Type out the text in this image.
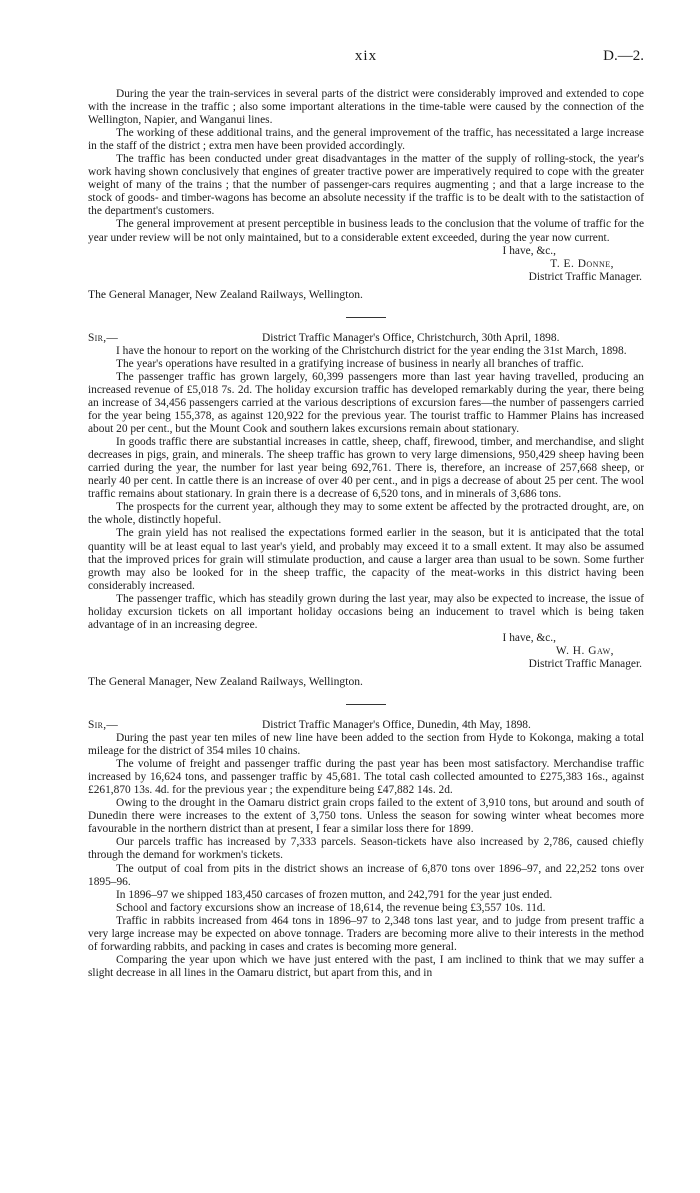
xix	D.—2.

During the year the train-services in several parts of the district were considerably improved and extended to cope with the increase in the traffic ; also some important alterations in the time-table were caused by the connection of the Wellington, Napier, and Wanganui lines.

The working of these additional trains, and the general improvement of the traffic, has necessitated a large increase in the staff of the district ; extra men have been provided accordingly.

The traffic has been conducted under great disadvantages in the matter of the supply of rolling-stock, the year's work having shown conclusively that engines of greater tractive power are imperatively required to cope with the greater weight of many of the trains ; that the number of passenger-cars requires augmenting ; and that a large increase to the stock of goods- and timber-wagons has become an absolute necessity if the traffic is to be dealt with to the satistaction of the department's customers.

The general improvement at present perceptible in business leads to the conclusion that the volume of traffic for the year under review will be not only maintained, but to a considerable extent exceeded, during the year now current.

I have, &c.,
T. E. Donne,
District Traffic Manager.

The General Manager, New Zealand Railways, Wellington.

Sir,—	District Traffic Manager's Office, Christchurch, 30th April, 1898.

I have the honour to report on the working of the Christchurch district for the year ending the 31st March, 1898.

The year's operations have resulted in a gratifying increase of business in nearly all branches of traffic.

The passenger traffic has grown largely, 60,399 passengers more than last year having travelled, producing an increased revenue of £5,018 7s. 2d. The holiday excursion traffic has developed remarkably during the year, there being an increase of 34,456 passengers carried at the various descriptions of excursion fares—the number of passengers carried for the year being 155,378, as against 120,922 for the previous year. The tourist traffic to Hammer Plains has increased about 20 per cent., but the Mount Cook and southern lakes excursions remain about stationary.

In goods traffic there are substantial increases in cattle, sheep, chaff, firewood, timber, and merchandise, and slight decreases in pigs, grain, and minerals. The sheep traffic has grown to very large dimensions, 950,429 sheep having been carried during the year, the number for last year being 692,761. There is, therefore, an increase of 257,668 sheep, or nearly 40 per cent. In cattle there is an increase of over 40 per cent., and in pigs a decrease of about 25 per cent. The wool traffic remains about stationary. In grain there is a decrease of 6,520 tons, and in minerals of 3,686 tons.

The prospects for the current year, although they may to some extent be affected by the protracted drought, are, on the whole, distinctly hopeful.

The grain yield has not realised the expectations formed earlier in the season, but it is anticipated that the total quantity will be at least equal to last year's yield, and probably may exceed it to a small extent. It may also be assumed that the improved prices for grain will stimulate production, and cause a larger area than usual to be sown. Some further growth may also be looked for in the sheep traffic, the capacity of the meat-works in this district having been considerably increased.

The passenger traffic, which has steadily grown during the last year, may also be expected to increase, the issue of holiday excursion tickets on all important holiday occasions being an inducement to travel which is being taken advantage of in an increasing degree.

I have, &c.,
W. H. Gaw,
District Traffic Manager.

The General Manager, New Zealand Railways, Wellington.

Sir,—	District Traffic Manager's Office, Dunedin, 4th May, 1898.

During the past year ten miles of new line have been added to the section from Hyde to Kokonga, making a total mileage for the district of 354 miles 10 chains.

The volume of freight and passenger traffic during the past year has been most satisfactory. Merchandise traffic increased by 16,624 tons, and passenger traffic by 45,681. The total cash collected amounted to £275,383 16s., against £261,870 13s. 4d. for the previous year ; the expenditure being £47,882 14s. 2d.

Owing to the drought in the Oamaru district grain crops failed to the extent of 3,910 tons, but around and south of Dunedin there were increases to the extent of 3,750 tons. Unless the season for sowing winter wheat becomes more favourable in the northern district than at present, I fear a similar loss there for 1899.

Our parcels traffic has increased by 7,333 parcels. Season-tickets have also increased by 2,786, caused chiefly through the demand for workmen's tickets.

The output of coal from pits in the district shows an increase of 6,870 tons over 1896–97, and 22,252 tons over 1895–96.

In 1896–97 we shipped 183,450 carcases of frozen mutton, and 242,791 for the year just ended.

School and factory excursions show an increase of 18,614, the revenue being £3,557 10s. 11d.

Traffic in rabbits increased from 464 tons in 1896–97 to 2,348 tons last year, and to judge from present traffic a very large increase may be expected on above tonnage. Traders are becoming more alive to their interests in the method of forwarding rabbits, and packing in cases and crates is becoming more general.

Comparing the year upon which we have just entered with the past, I am inclined to think that we may suffer a slight decrease in all lines in the Oamaru district, but apart from this, and in
